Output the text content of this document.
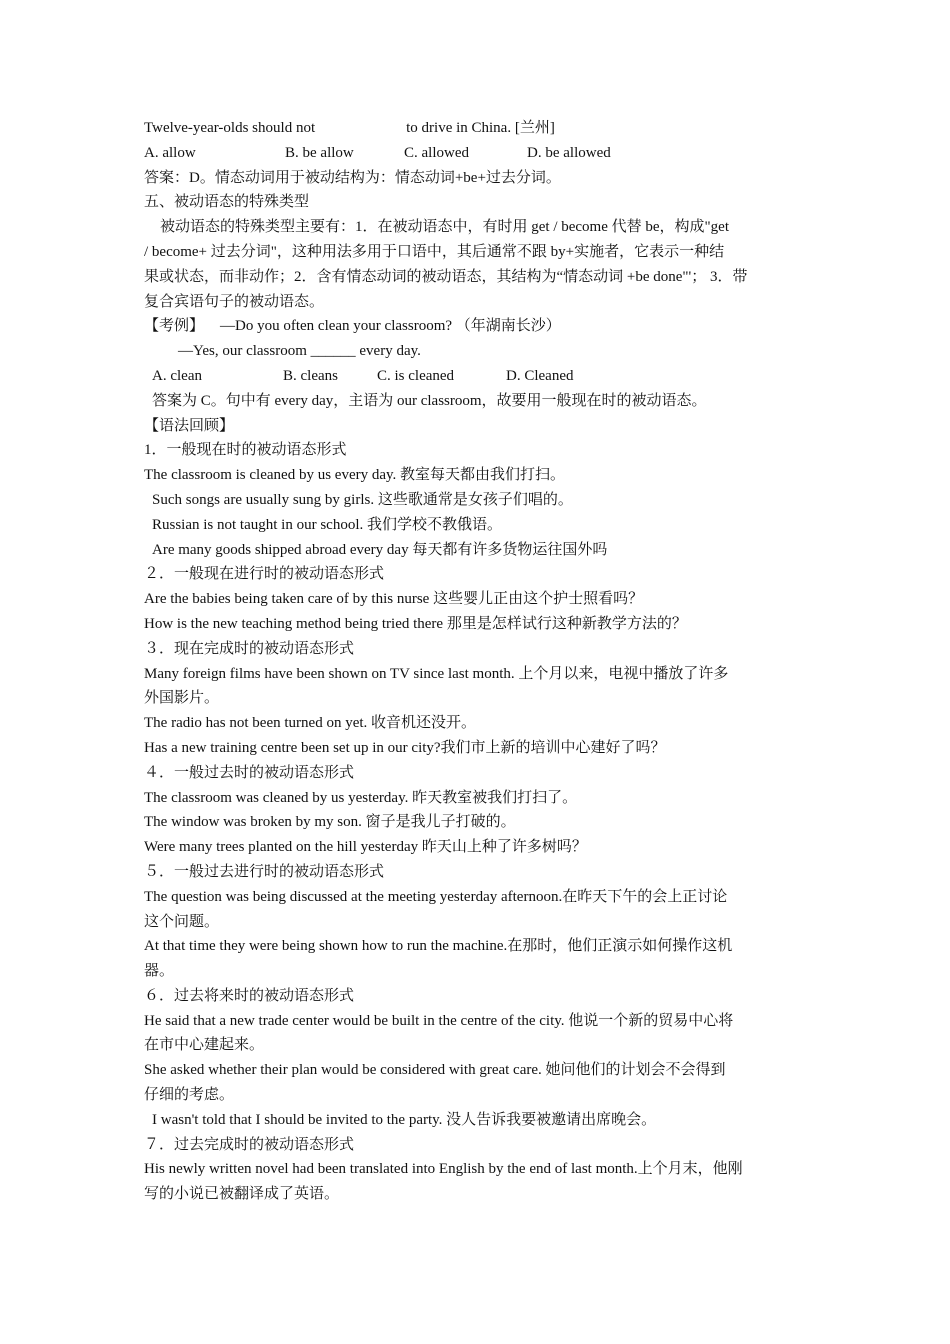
Twelve-year-olds should not	to drive in China. [兰州]
A. allow	B. be allow	C. allowed	D. be allowed
答案：D。情态动词用于被动结构为：情态动词+be+过去分词。
五、被动语态的特殊类型
被动语态的特殊类型主要有：1．在被动语态中，有时用 get / become 代替 be，构成"get
/ become+ 过去分词"，这种用法多用于口语中，其后通常不跟 by+实施者，它表示一种结
果或状态，而非动作；2．含有情态动词的被动语态，其结构为“情态动词 +be done"'； 3．带
复合宾语句子的被动语态。
【考例】 —Do you often clean your classroom? （年湖南长沙）
—Yes, our classroom ______ every day.
A. clean	B. cleans	C. is cleaned	D. Cleaned
答案为 C。句中有 every day，主语为 our classroom，故要用一般现在时的被动语态。
【语法回顾】
1．一般现在时的被动语态形式
The classroom is cleaned by us every day. 教室每天都由我们打扫。
Such songs are usually sung by girls. 这些歌通常是女孩子们唱的。
Russian is not taught in our school. 我们学校不教俄语。
Are many goods shipped abroad every day 每天都有许多货物运往国外吗
２．一般现在进行时的被动语态形式
Are the babies being taken care of by this nurse 这些婴儿正由这个护士照看吗？
How is the new teaching method being tried there 那里是怎样试行这种新教学方法的？
３．现在完成时的被动语态形式
Many foreign films have been shown on TV since last month. 上个月以来，电视中播放了许多
外国影片。
The radio has not been turned on yet. 收音机还没开。
Has a new training centre been set up in our city?我们市上新的培训中心建好了吗？
４．一般过去时的被动语态形式
The classroom was cleaned by us yesterday. 昨天教室被我们打扫了。
The window was broken by my son. 窗子是我儿子打破的。
Were many trees planted on the hill yesterday 昨天山上种了许多树吗？
５．一般过去进行时的被动语态形式
The question was being discussed at the meeting yesterday afternoon.在昨天下午的会上正讨论
这个问题。
At that time they were being shown how to run the machine.在那时，他们正演示如何操作这机
器。
６．过去将来时的被动语态形式
He said that a new trade center would be built in the centre of the city. 他说一个新的贸易中心将
在市中心建起来。
She asked whether their plan would be considered with great care. 她问他们的计划会不会得到
仔细的考虑。
I wasn't told that I should be invited to the party. 没人告诉我要被邀请出席晚会。
７．过去完成时的被动语态形式
His newly written novel had been translated into English by the end of last month.上个月末，他刚
写的小说已被翻译成了英语。
